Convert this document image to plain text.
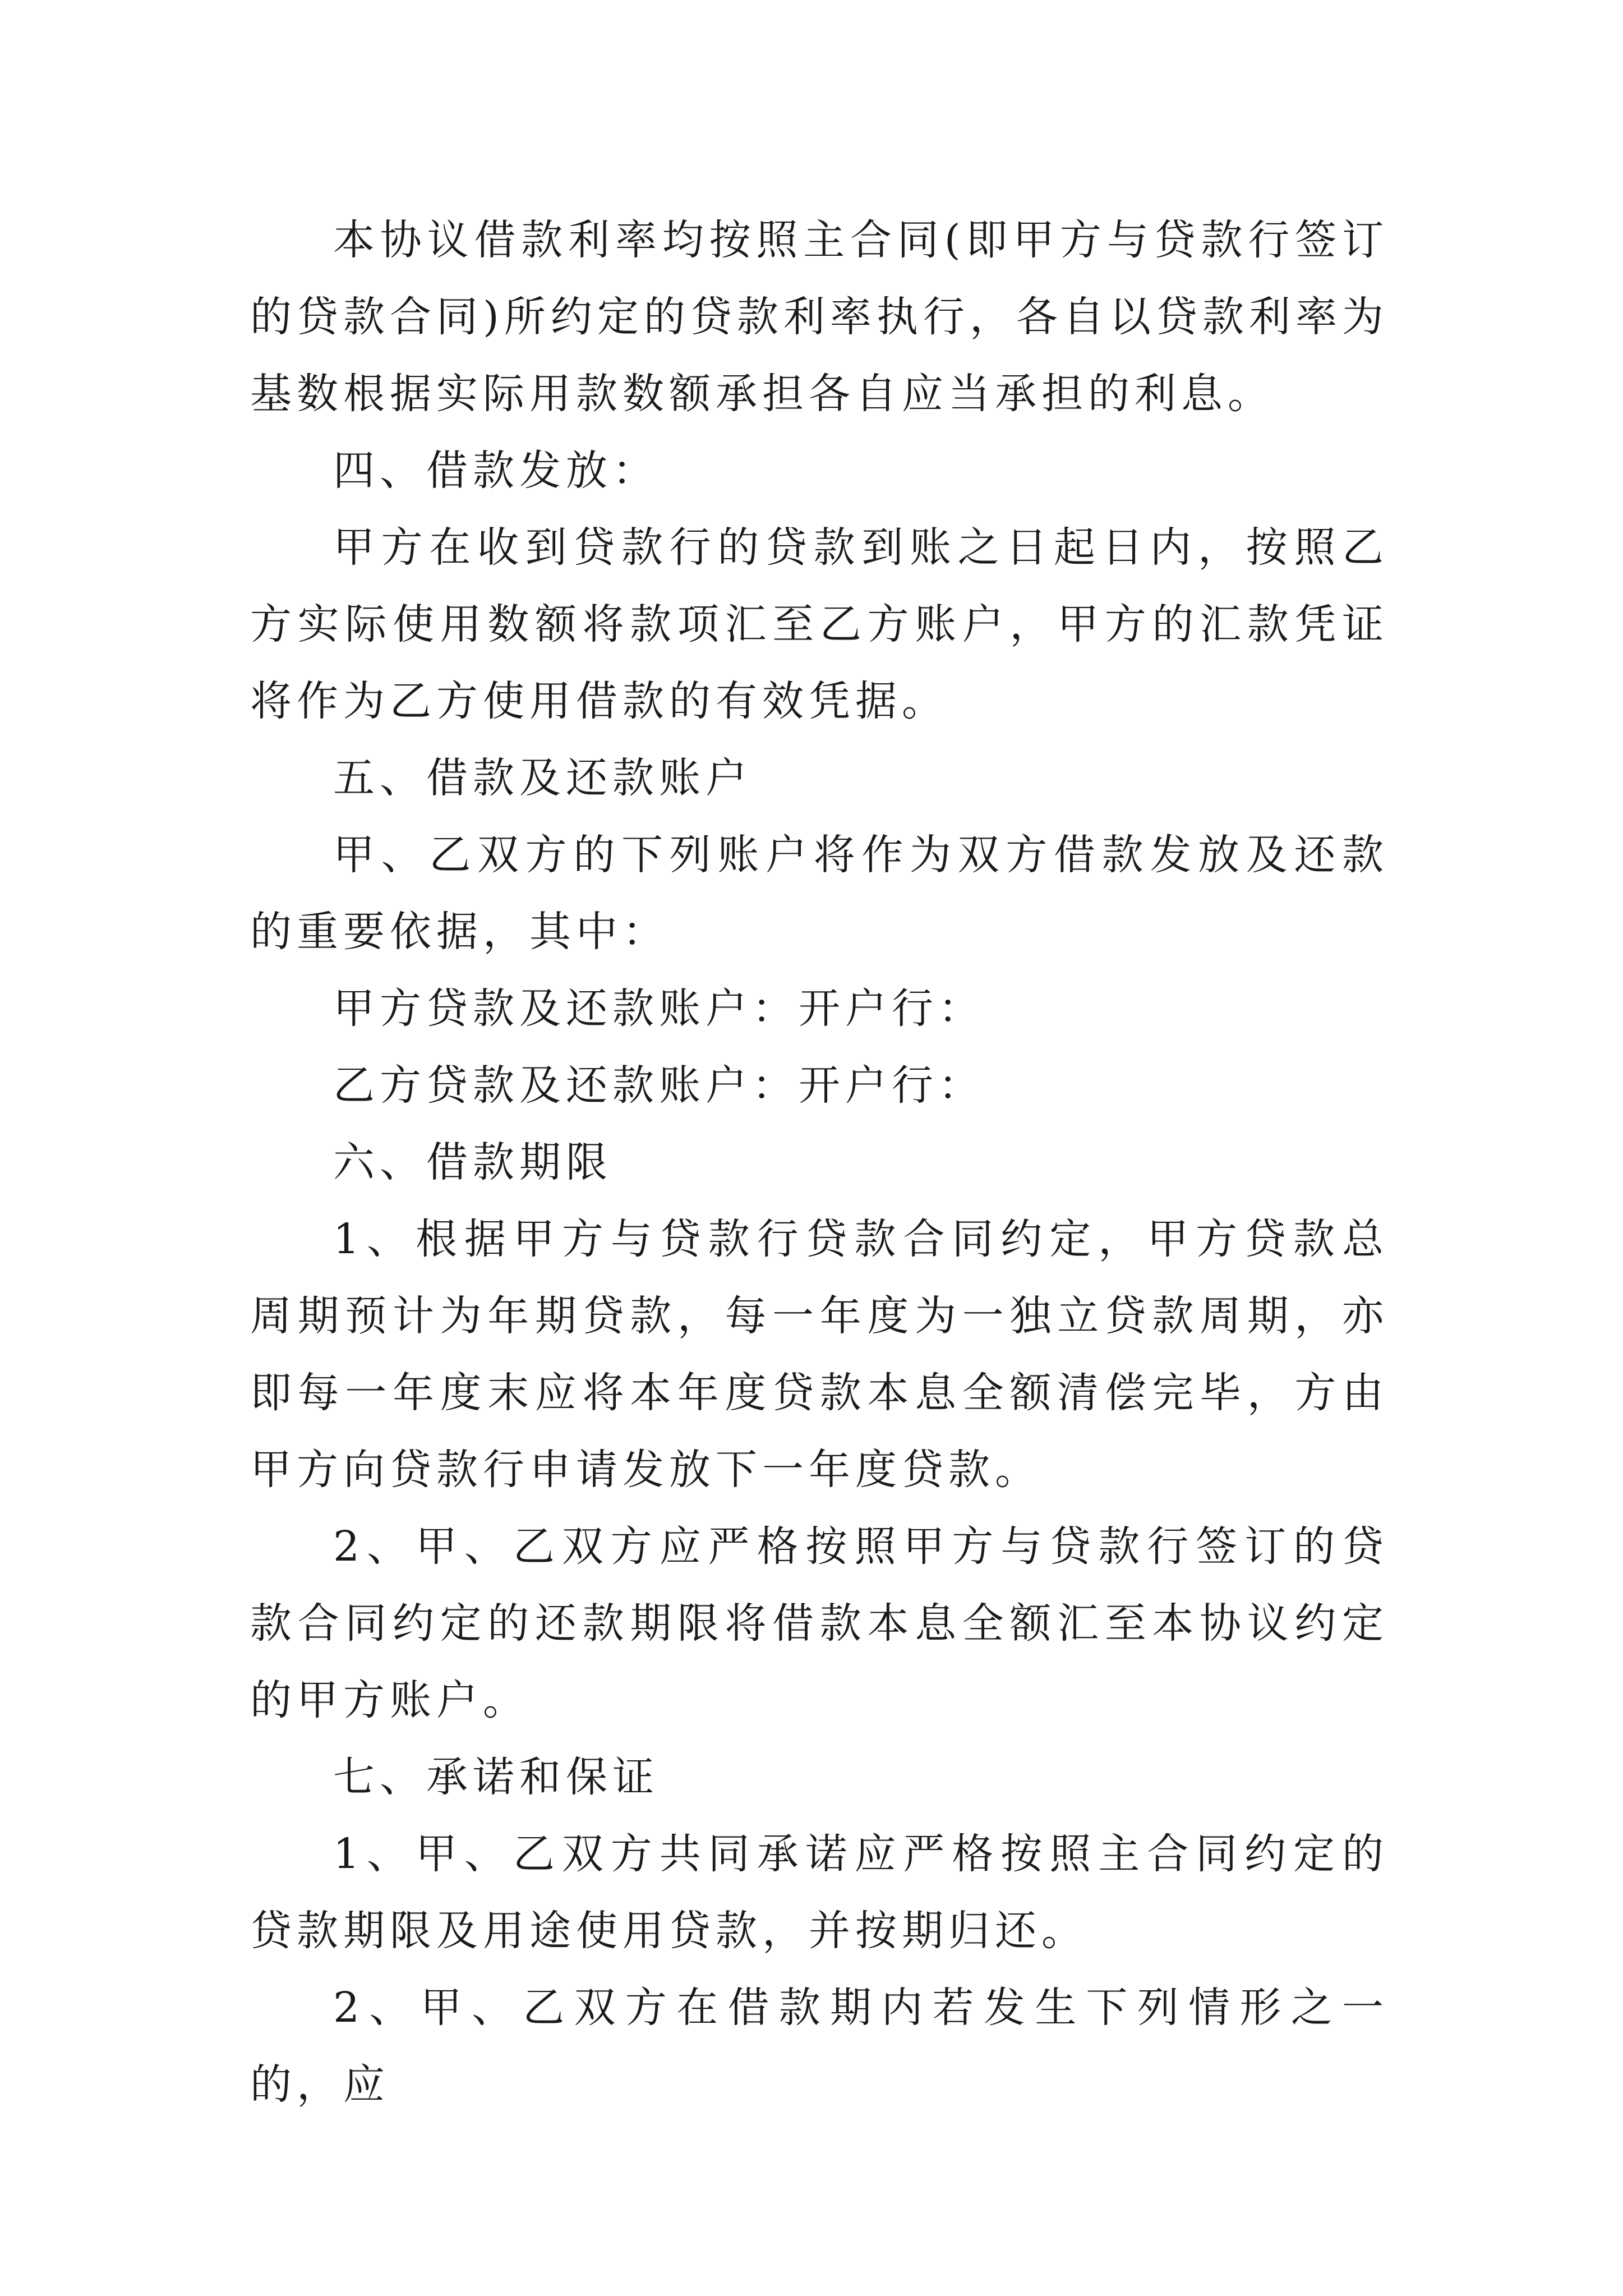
本协议借款利率均按照主合同(即甲方与贷款行签订的贷款合同)所约定的贷款利率执行，各自以贷款利率为基数根据实际用款数额承担各自应当承担的利息。

四、借款发放：

甲方在收到贷款行的贷款到账之日起日内，按照乙方实际使用数额将款项汇至乙方账户，甲方的汇款凭证将作为乙方使用借款的有效凭据。

五、借款及还款账户

甲、乙双方的下列账户将作为双方借款发放及还款的重要依据，其中：

甲方贷款及还款账户：开户行：

乙方贷款及还款账户：开户行：

六、借款期限

1、根据甲方与贷款行贷款合同约定，甲方贷款总周期预计为年期贷款，每一年度为一独立贷款周期，亦即每一年度末应将本年度贷款本息全额清偿完毕，方由甲方向贷款行申请发放下一年度贷款。

2、甲、乙双方应严格按照甲方与贷款行签订的贷款合同约定的还款期限将借款本息全额汇至本协议约定的甲方账户。

七、承诺和保证

1、甲、乙双方共同承诺应严格按照主合同约定的贷款期限及用途使用贷款，并按期归还。

2、甲、乙双方在借款期内若发生下列情形之一的，应
